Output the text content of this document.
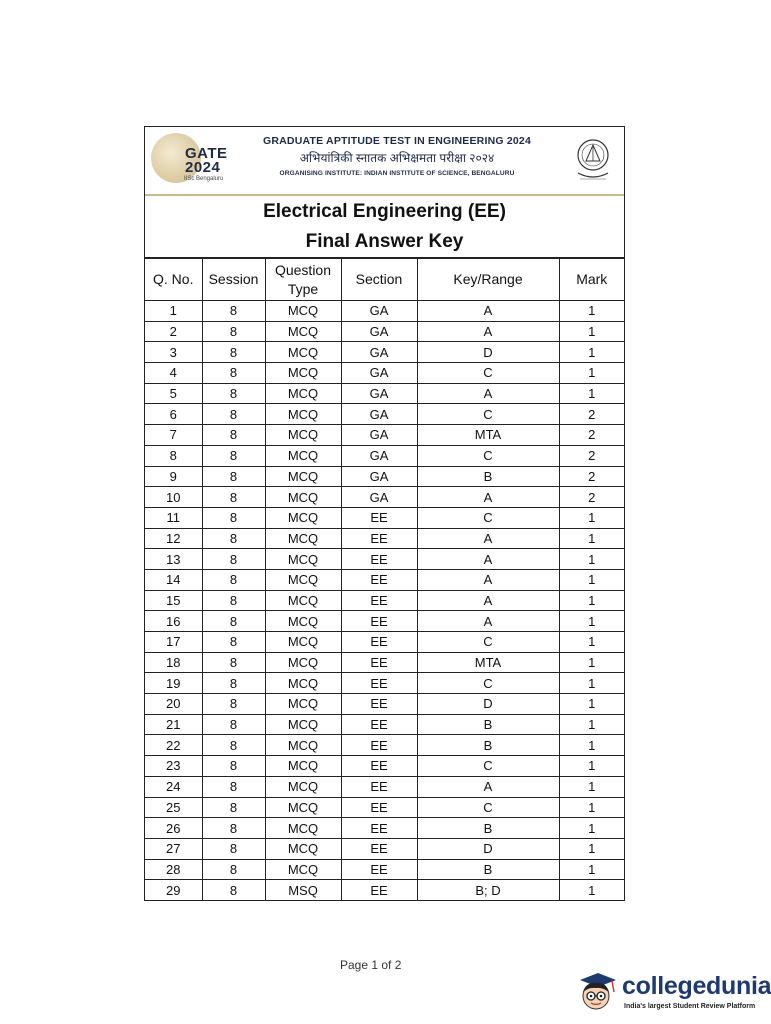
GATE
2024
IISc Bengaluru
GRADUATE APTITUDE TEST IN ENGINEERING 2024
अभियांत्रिकी स्नातक अभिक्षमता परीक्षा २०२४
ORGANISING INSTITUTE: INDIAN INSTITUTE OF SCIENCE, BENGALURU
Electrical Engineering (EE)
Final Answer Key
Q. No.	Session	Question Type	Section	Key/Range	Mark
1	8	MCQ	GA	A	1
2	8	MCQ	GA	A	1
3	8	MCQ	GA	D	1
4	8	MCQ	GA	C	1
5	8	MCQ	GA	A	1
6	8	MCQ	GA	C	2
7	8	MCQ	GA	MTA	2
8	8	MCQ	GA	C	2
9	8	MCQ	GA	B	2
10	8	MCQ	GA	A	2
11	8	MCQ	EE	C	1
12	8	MCQ	EE	A	1
13	8	MCQ	EE	A	1
14	8	MCQ	EE	A	1
15	8	MCQ	EE	A	1
16	8	MCQ	EE	A	1
17	8	MCQ	EE	C	1
18	8	MCQ	EE	MTA	1
19	8	MCQ	EE	C	1
20	8	MCQ	EE	D	1
21	8	MCQ	EE	B	1
22	8	MCQ	EE	B	1
23	8	MCQ	EE	C	1
24	8	MCQ	EE	A	1
25	8	MCQ	EE	C	1
26	8	MCQ	EE	B	1
27	8	MCQ	EE	D	1
28	8	MCQ	EE	B	1
29	8	MSQ	EE	B; D	1
Page 1 of 2
collegedunia
India's largest Student Review Platform
